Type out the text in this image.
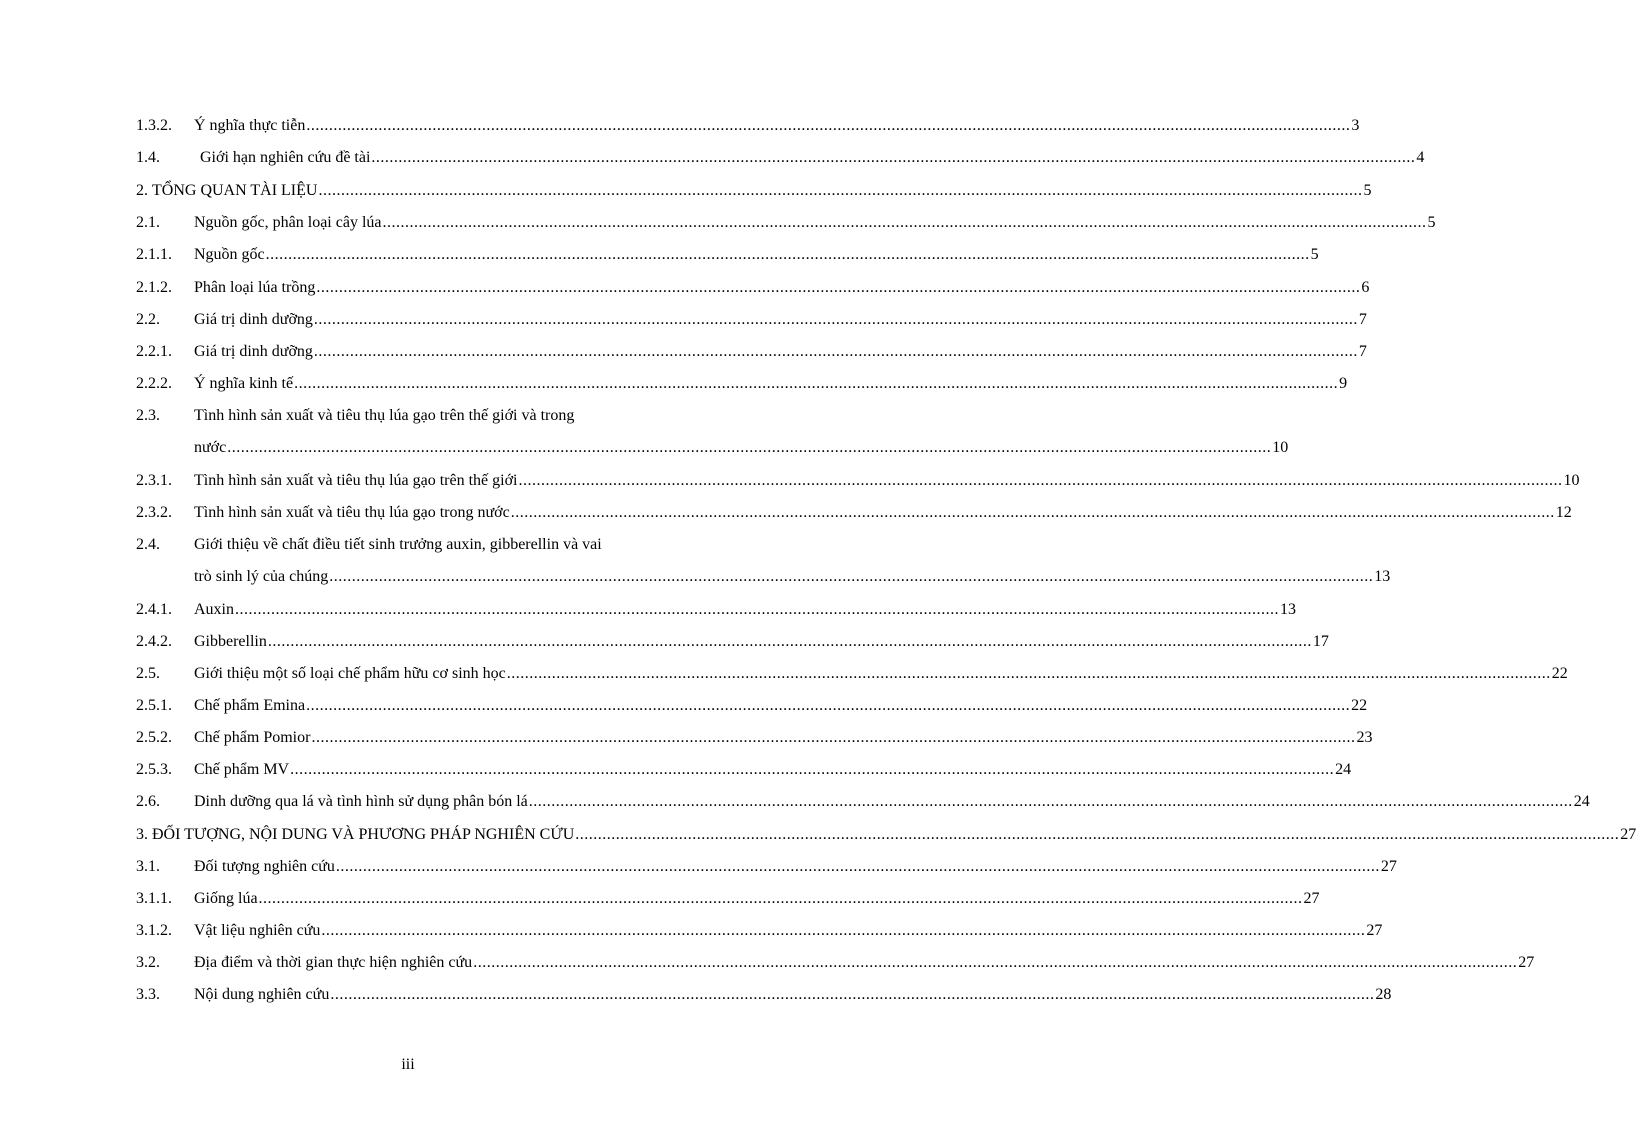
1.3.2.	Ý nghĩa thực tiễn .....	3
1.4.	Giới hạn nghiên cứu đề tài .....	4
2. TỔNG QUAN TÀI LIỆU .....	5
2.1.	Nguồn gốc, phân loại cây lúa .....	5
2.1.1.	Nguồn gốc .....	5
2.1.2.	Phân loại lúa trồng .....	6
2.2.	Giá trị dinh dưỡng .....	7
2.2.1.	Giá trị dinh dưỡng .....	7
2.2.2.	Ý nghĩa kinh tế .....	9
2.3.	Tình hình sản xuất và tiêu thụ lúa gạo trên thế giới và trong
nước .....	10
2.3.1.	Tình hình sản xuất và tiêu thụ lúa gạo trên thế giới .....	10
2.3.2.	Tình hình sản xuất và tiêu thụ lúa gạo trong nước .....	12
2.4.	Giới thiệu về chất điều tiết sinh trưởng auxin, gibberellin và vai
trò sinh lý của chúng .....	13
2.4.1.	Auxin .....	13
2.4.2.	Gibberellin .....	17
2.5.	Giới thiệu một số loại chế phẩm hữu cơ sinh học .....	22
2.5.1.	Chế phẩm Emina .....	22
2.5.2.	Chế phẩm Pomior .....	23
2.5.3.	Chế phẩm MV .....	24
2.6.	Dinh dưỡng qua lá và tình hình sử dụng phân bón lá .....	24
3. ĐỐI TƯỢNG, NỘI DUNG VÀ PHƯƠNG PHÁP NGHIÊN CỨU .....	27
3.1.	Đối tượng nghiên cứu .....	27
3.1.1.	Giống lúa .....	27
3.1.2.	Vật liệu nghiên cứu .....	27
3.2.	Địa điểm và thời gian thực hiện nghiên cứu .....	27
3.3.	Nội dung nghiên cứu .....	28
iii
